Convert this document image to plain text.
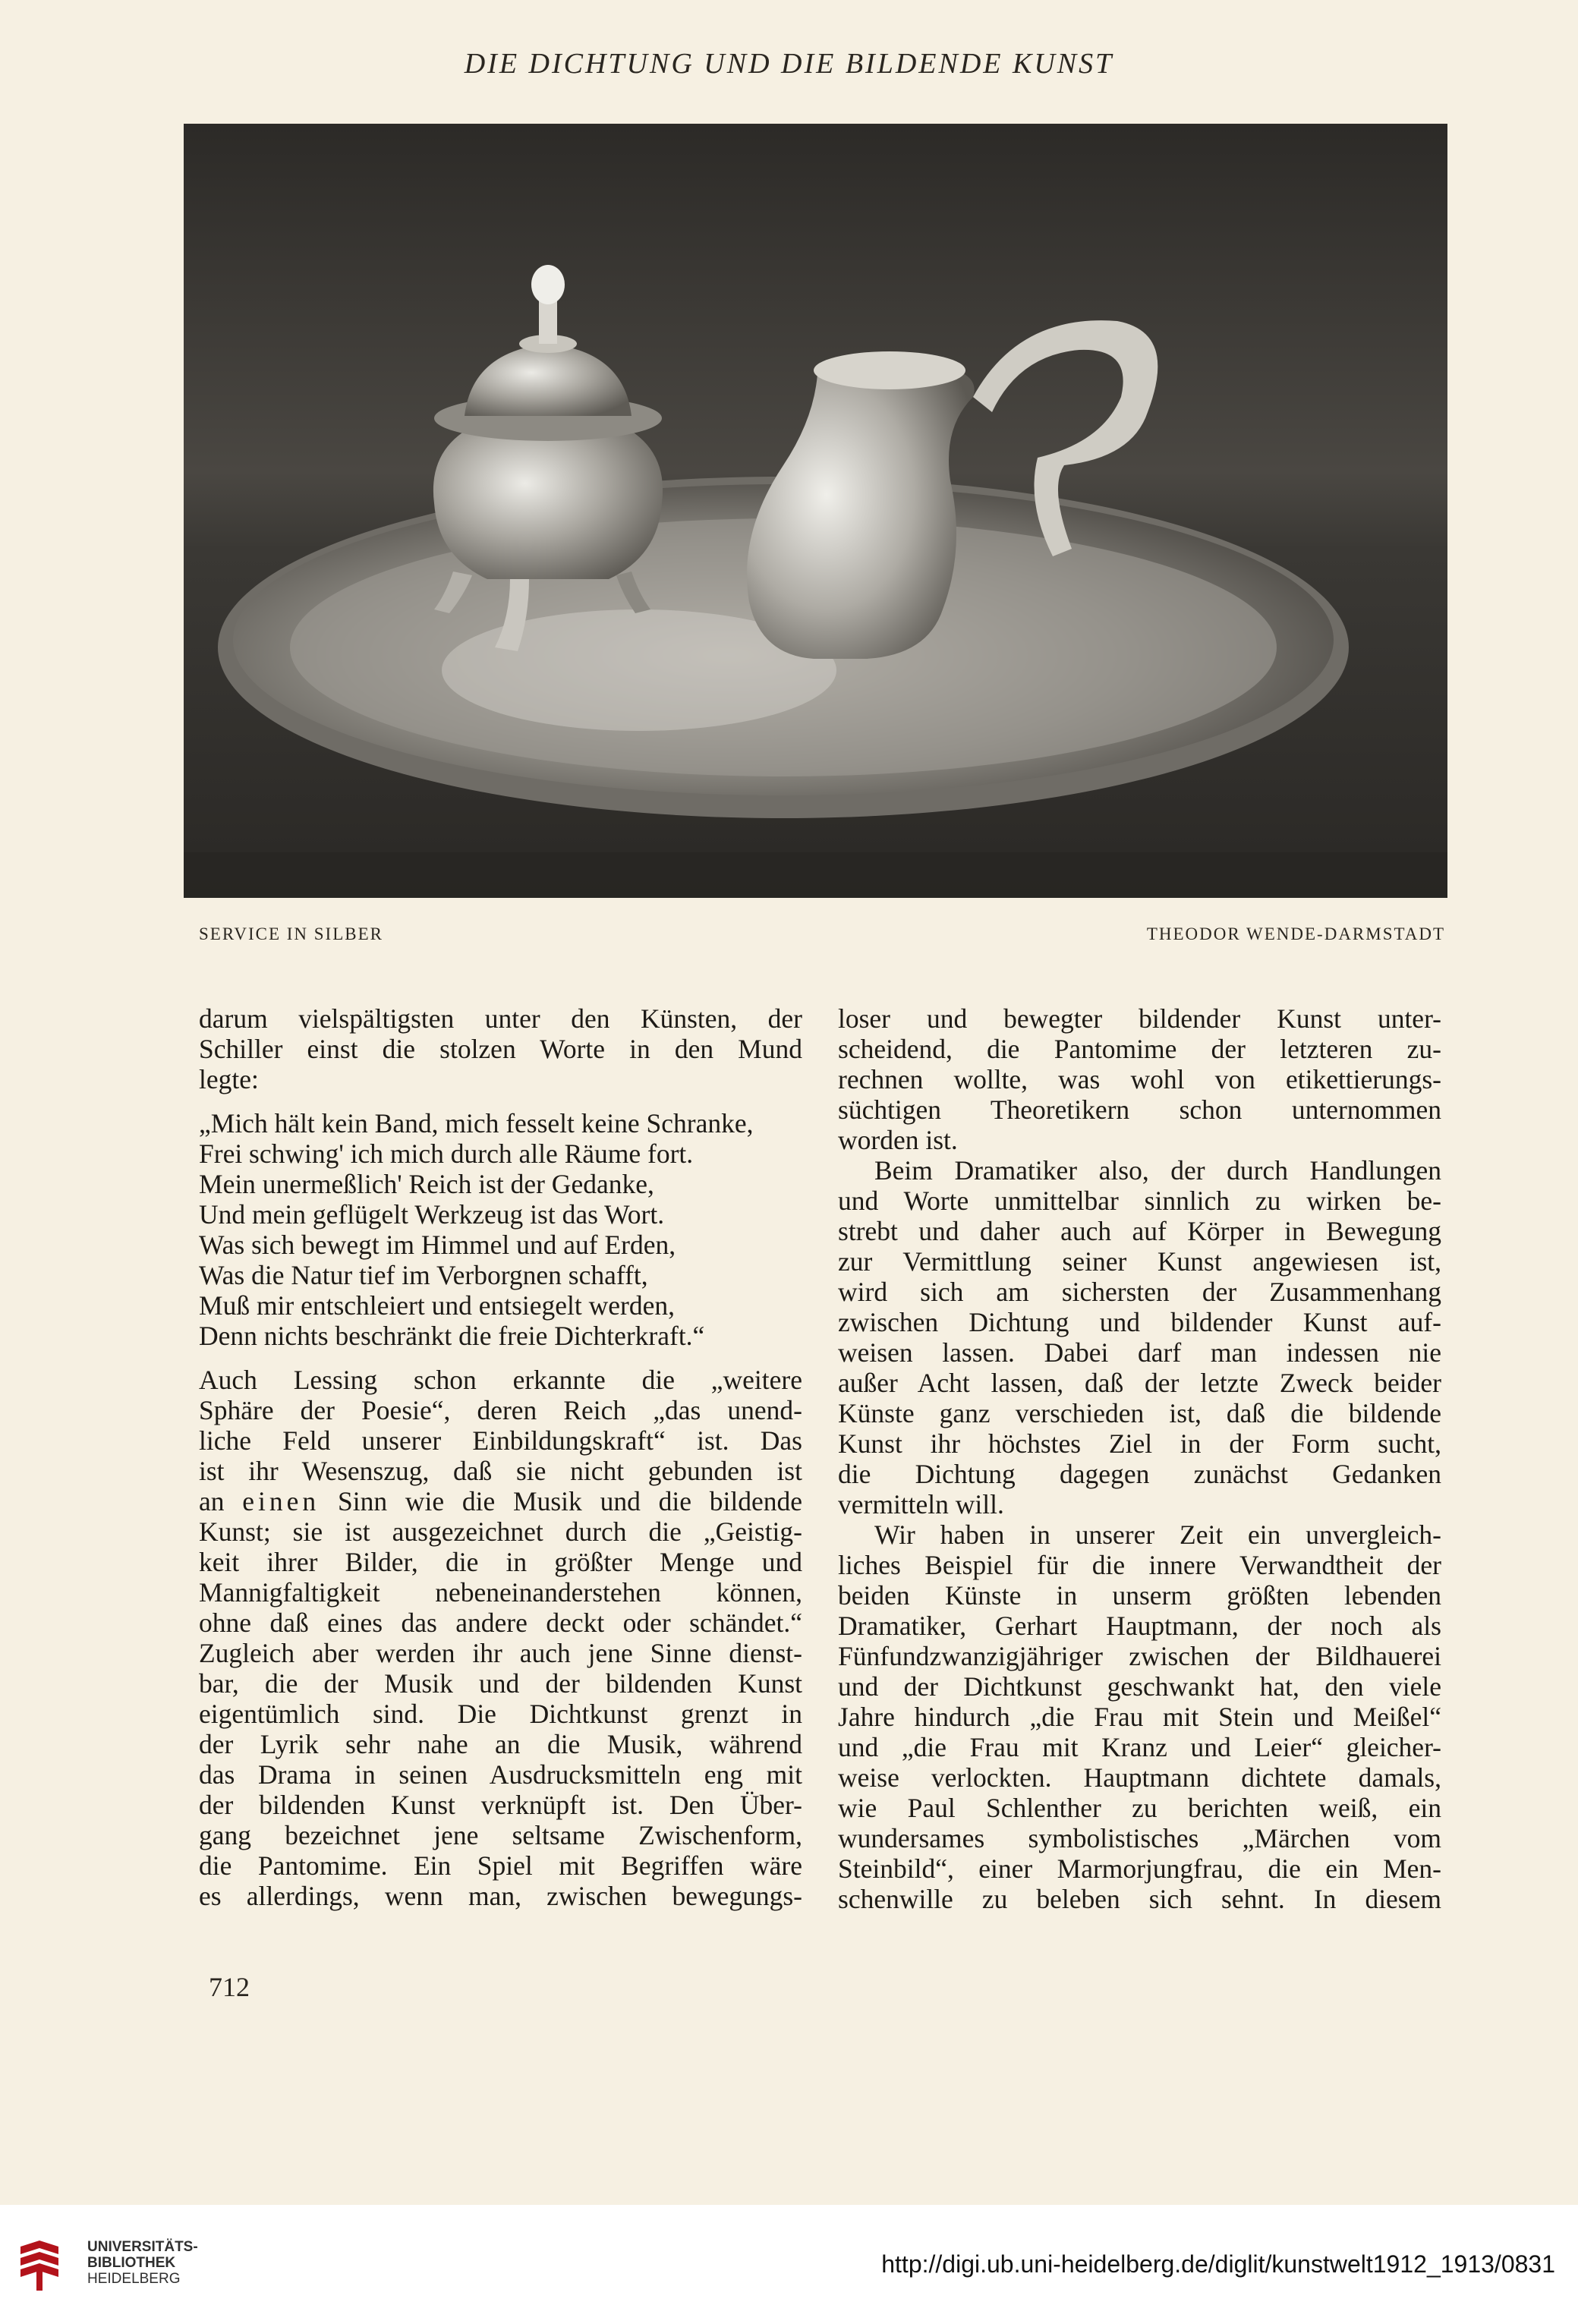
DIE DICHTUNG UND DIE BILDENDE KUNST
SERVICE IN SILBER	THEODOR WENDE-DARMSTADT
darum vielspältigsten unter den Künsten, der
Schiller einst die stolzen Worte in den Mund
legte:
„Mich hält kein Band, mich fesselt keine Schranke,
Frei schwing' ich mich durch alle Räume fort.
Mein unermeßlich' Reich ist der Gedanke,
Und mein geflügelt Werkzeug ist das Wort.
Was sich bewegt im Himmel und auf Erden,
Was die Natur tief im Verborgnen schafft,
Muß mir entschleiert und entsiegelt werden,
Denn nichts beschränkt die freie Dichterkraft.“
Auch Lessing schon erkannte die „weitere
Sphäre der Poesie“, deren Reich „das unend-
liche Feld unserer Einbildungskraft“ ist. Das
ist ihr Wesenszug, daß sie nicht gebunden ist
an einen Sinn wie die Musik und die bildende
Kunst; sie ist ausgezeichnet durch die „Geistig-
keit ihrer Bilder, die in größter Menge und
Mannigfaltigkeit nebeneinanderstehen können,
ohne daß eines das andere deckt oder schändet.“
Zugleich aber werden ihr auch jene Sinne dienst-
bar, die der Musik und der bildenden Kunst
eigentümlich sind. Die Dichtkunst grenzt in
der Lyrik sehr nahe an die Musik, während
das Drama in seinen Ausdrucksmitteln eng mit
der bildenden Kunst verknüpft ist. Den Über-
gang bezeichnet jene seltsame Zwischenform,
die Pantomime. Ein Spiel mit Begriffen wäre
es allerdings, wenn man, zwischen bewegungs-
loser und bewegter bildender Kunst unter-
scheidend, die Pantomime der letzteren zu-
rechnen wollte, was wohl von etikettierungs-
süchtigen Theoretikern schon unternommen
worden ist.
Beim Dramatiker also, der durch Handlungen
und Worte unmittelbar sinnlich zu wirken be-
strebt und daher auch auf Körper in Bewegung
zur Vermittlung seiner Kunst angewiesen ist,
wird sich am sichersten der Zusammenhang
zwischen Dichtung und bildender Kunst auf-
weisen lassen. Dabei darf man indessen nie
außer Acht lassen, daß der letzte Zweck beider
Künste ganz verschieden ist, daß die bildende
Kunst ihr höchstes Ziel in der Form sucht,
die Dichtung dagegen zunächst Gedanken
vermitteln will.
Wir haben in unserer Zeit ein unvergleich-
liches Beispiel für die innere Verwandtheit der
beiden Künste in unserm größten lebenden
Dramatiker, Gerhart Hauptmann, der noch als
Fünfundzwanzigjähriger zwischen der Bildhauerei
und der Dichtkunst geschwankt hat, den viele
Jahre hindurch „die Frau mit Stein und Meißel“
und „die Frau mit Kranz und Leier“ gleicher-
weise verlockten. Hauptmann dichtete damals,
wie Paul Schlenther zu berichten weiß, ein
wundersames symbolistisches „Märchen vom
Steinbild“, einer Marmorjungfrau, die ein Men-
schenwille zu beleben sich sehnt. In diesem
712
UNIVERSITÄTS-
BIBLIOTHEK
HEIDELBERG
http://digi.ub.uni-heidelberg.de/diglit/kunstwelt1912_1913/0831
